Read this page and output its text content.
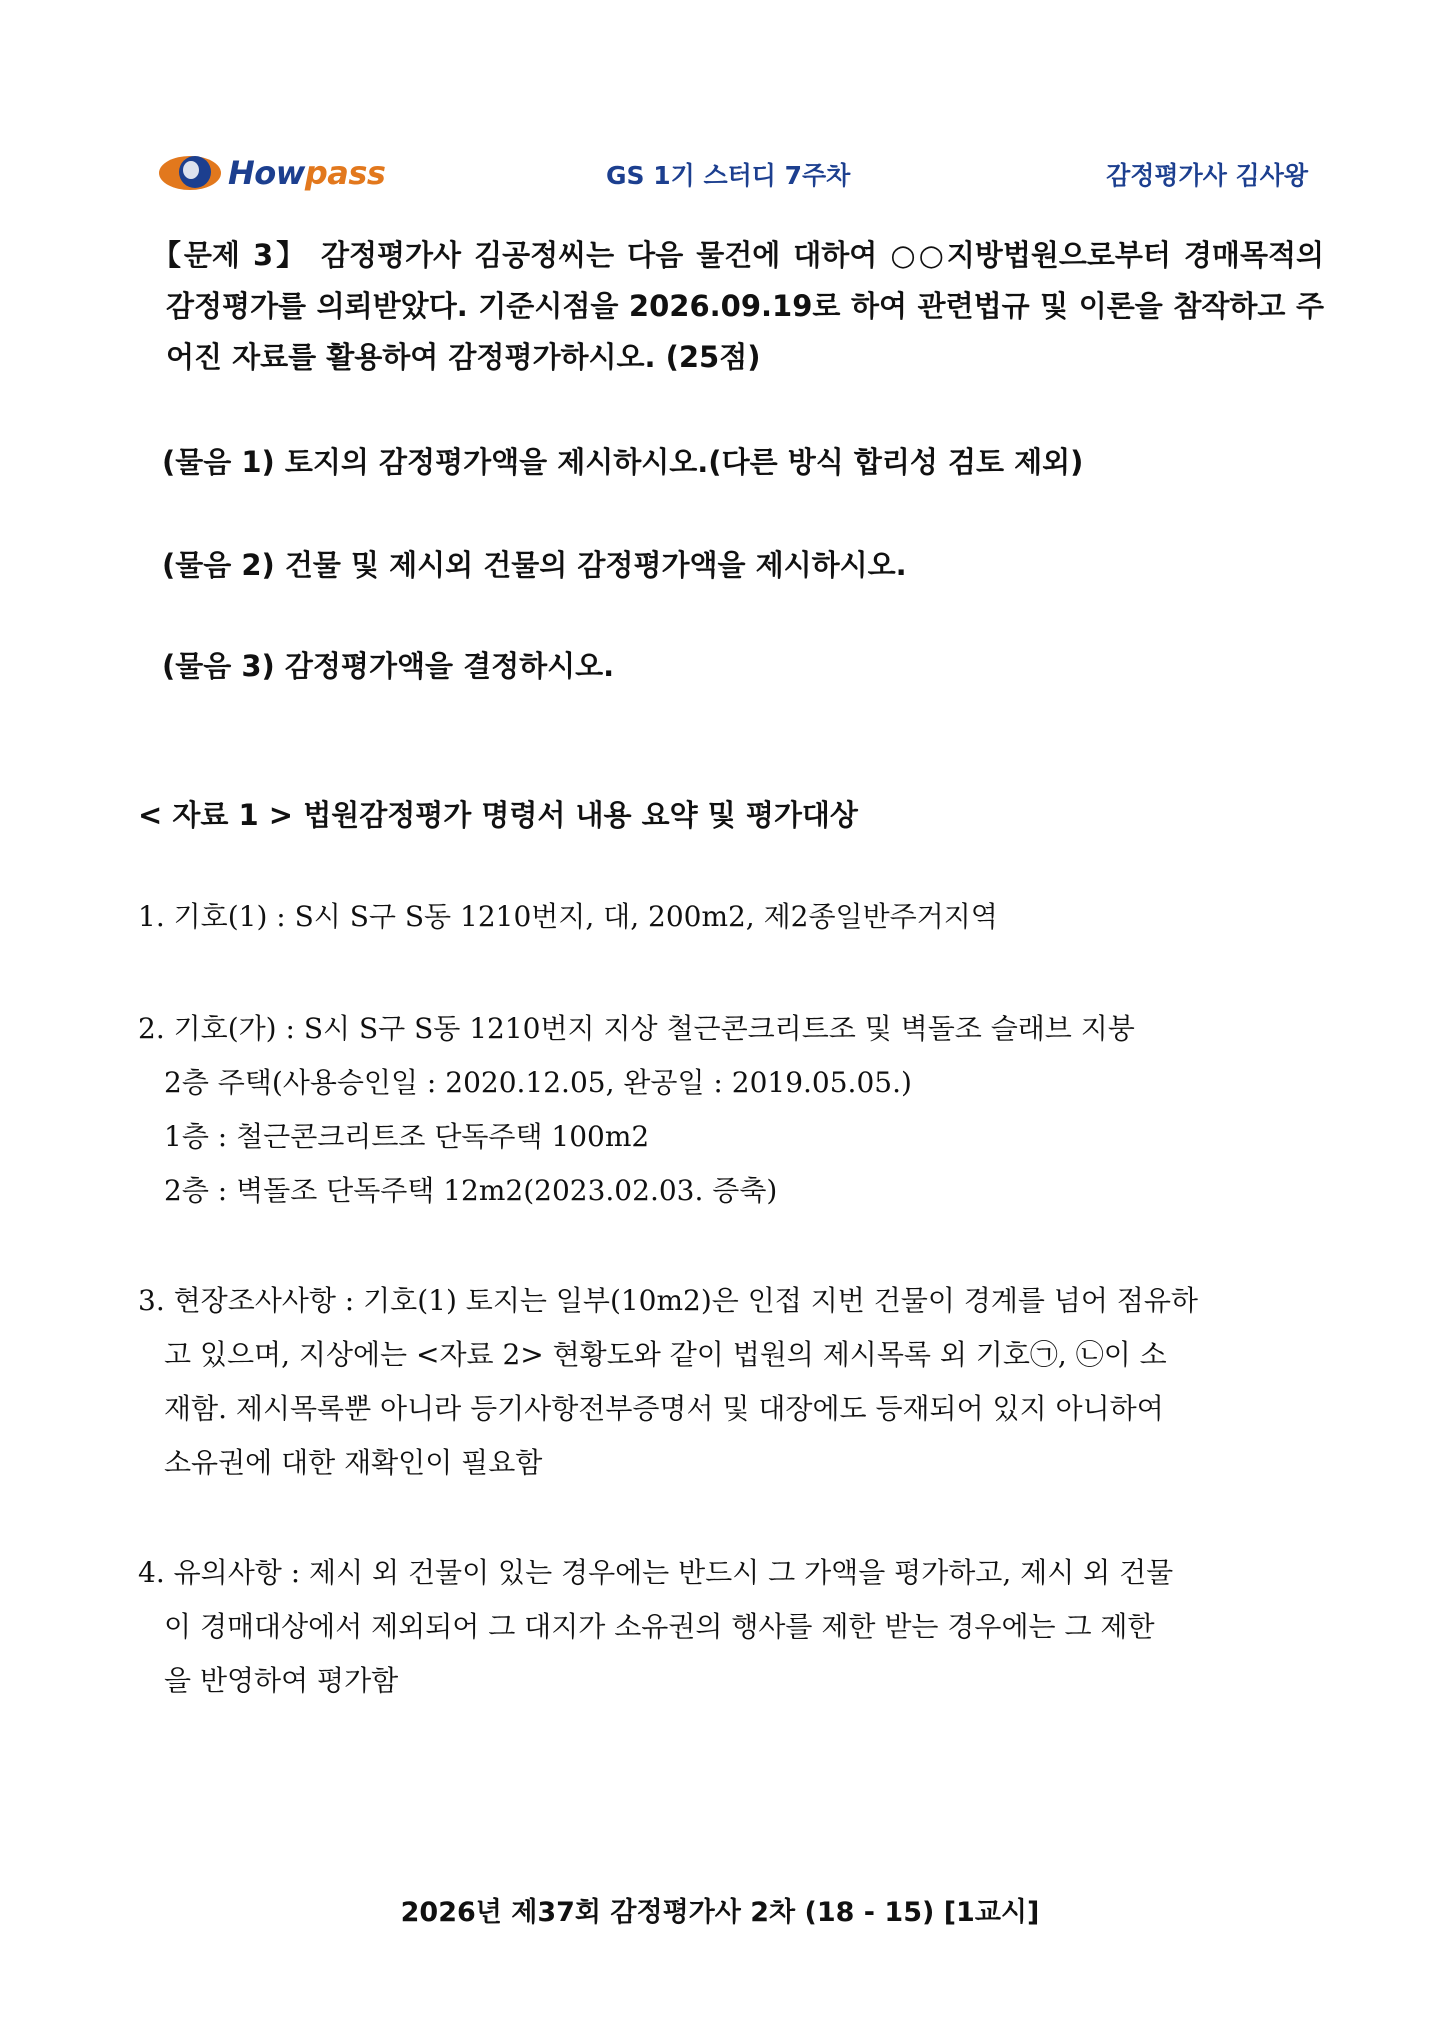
Howpass	GS 1기 스터디 7주차	감정평가사 김사왕
【문제 3】 감정평가사 김공정씨는 다음 물건에 대하여 ○○지방법원으로부터 경매목적의 감정평가를 의뢰받았다. 기준시점을 2026.09.19로 하여 관련법규 및 이론을 참작하고 주어진 자료를 활용하여 감정평가하시오. (25점)
(물음 1) 토지의 감정평가액을 제시하시오.(다른 방식 합리성 검토 제외)
(물음 2) 건물 및 제시외 건물의 감정평가액을 제시하시오.
(물음 3) 감정평가액을 결정하시오.
< 자료 1 > 법원감정평가 명령서 내용 요약 및 평가대상
1. 기호(1) : S시 S구 S동 1210번지, 대, 200m2, 제2종일반주거지역
2. 기호(가) : S시 S구 S동 1210번지 지상 철근콘크리트조 및 벽돌조 슬래브 지붕
2층 주택(사용승인일 : 2020.12.05, 완공일 : 2019.05.05.)
1층 : 철근콘크리트조 단독주택 100m2
2층 : 벽돌조 단독주택 12m2(2023.02.03. 증축)
3. 현장조사사항 : 기호(1) 토지는 일부(10m2)은 인접 지번 건물이 경계를 넘어 점유하
고 있으며, 지상에는 <자료 2> 현황도와 같이 법원의 제시목록 외 기호㉠, ㉡이 소
재함. 제시목록뿐 아니라 등기사항전부증명서 및 대장에도 등재되어 있지 아니하여
소유권에 대한 재확인이 필요함
4. 유의사항 : 제시 외 건물이 있는 경우에는 반드시 그 가액을 평가하고, 제시 외 건물
이 경매대상에서 제외되어 그 대지가 소유권의 행사를 제한 받는 경우에는 그 제한
을 반영하여 평가함
2026년 제37회 감정평가사 2차 (18 - 15) [1교시]
